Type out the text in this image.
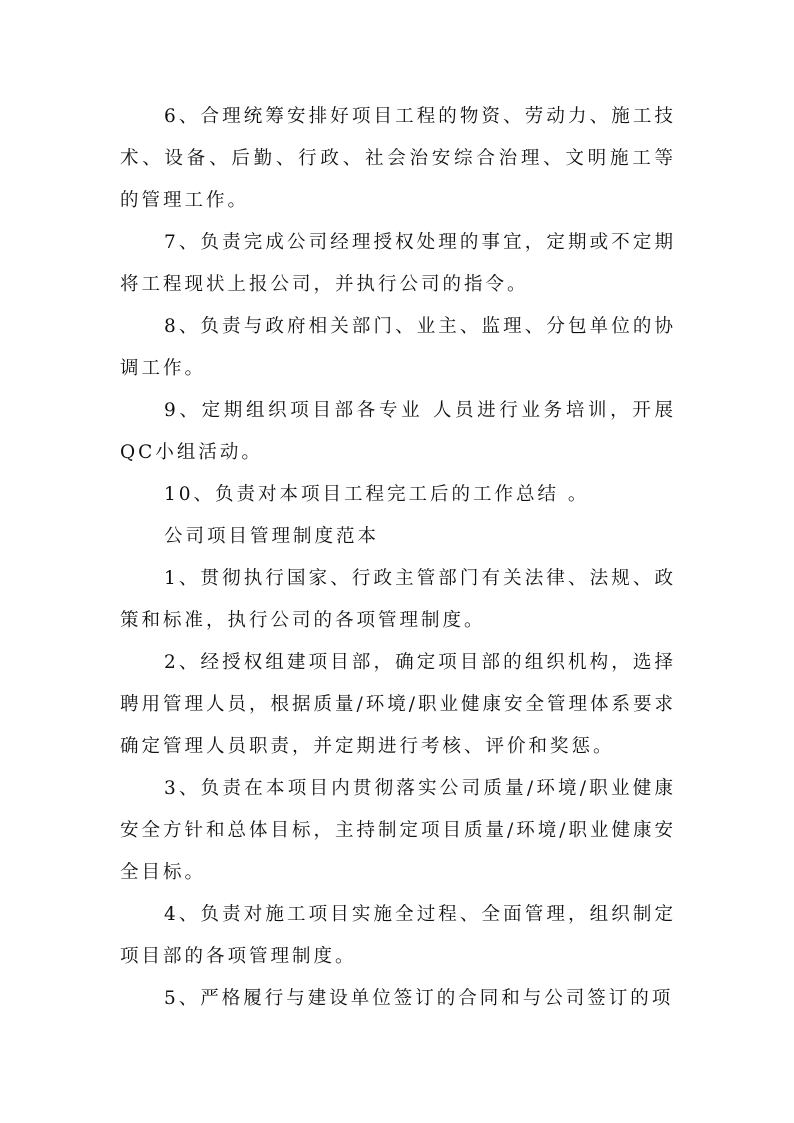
6、合理统筹安排好项目工程的物资、劳动力、施工技术、设备、后勤、行政、社会治安综合治理、文明施工等的管理工作。

7、负责完成公司经理授权处理的事宜，定期或不定期将工程现状上报公司，并执行公司的指令。

8、负责与政府相关部门、业主、监理、分包单位的协调工作。

9、定期组织项目部各专业 人员进行业务培训，开展QC小组活动。

10、负责对本项目工程完工后的工作总结 。

公司项目管理制度范本

1、贯彻执行国家、行政主管部门有关法律、法规、政策和标准，执行公司的各项管理制度。

2、经授权组建项目部，确定项目部的组织机构，选择聘用管理人员，根据质量/环境/职业健康安全管理体系要求确定管理人员职责，并定期进行考核、评价和奖惩。

3、负责在本项目内贯彻落实公司质量/环境/职业健康安全方针和总体目标，主持制定项目质量/环境/职业健康安全目标。

4、负责对施工项目实施全过程、全面管理，组织制定项目部的各项管理制度。

5、严格履行与建设单位签订的合同和与公司签订的项
